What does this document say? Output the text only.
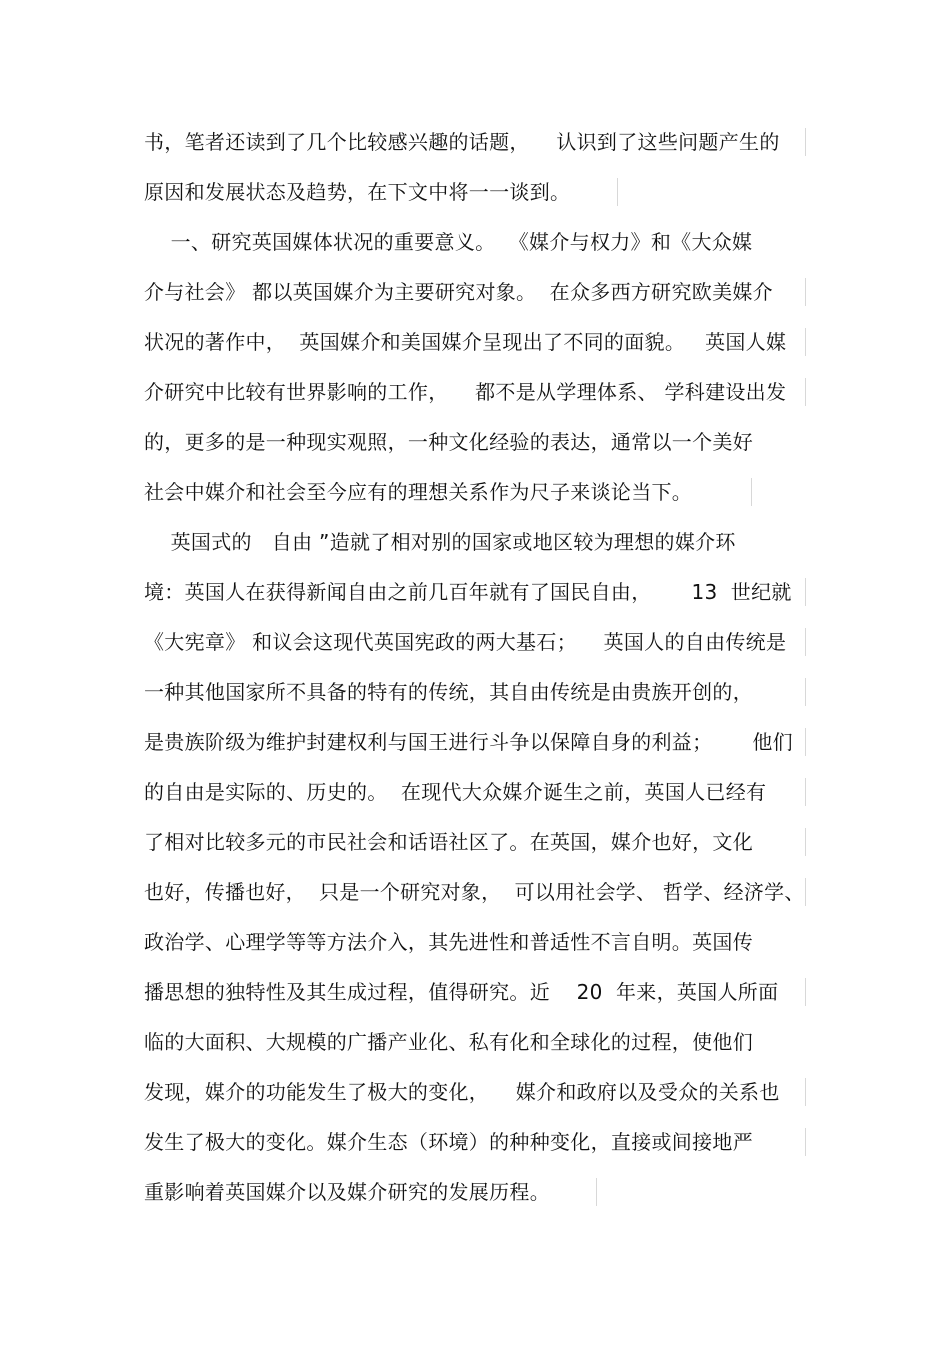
书，笔者还读到了几个比较感兴趣的话题，    认识到了这些问题产生的
原因和发展状态及趋势，在下文中将一一谈到。
一、研究英国媒体状况的重要意义。  《媒介与权力》和《大众媒
介与社会》 都以英国媒介为主要研究对象。  在众多西方研究欧美媒介
状况的著作中，  英国媒介和美国媒介呈现出了不同的面貌。   英国人媒
介研究中比较有世界影响的工作，    都不是从学理体系、 学科建设出发
的，更多的是一种现实观照，一种文化经验的表达，通常以一个美好
社会中媒介和社会至今应有的理想关系作为尺子来谈论当下。
英国式的   自由 ”造就了相对别的国家或地区较为理想的媒介环
境：英国人在获得新闻自由之前几百年就有了国民自由，      13  世纪就
《大宪章》 和议会这现代英国宪政的两大基石；    英国人的自由传统是
一种其他国家所不具备的特有的传统，其自由传统是由贵族开创的，
是贵族阶级为维护封建权利与国王进行斗争以保障自身的利益；      他们
的自由是实际的、历史的。  在现代大众媒介诞生之前，英国人已经有
了相对比较多元的市民社会和话语社区了。在英国，媒介也好，文化
也好，传播也好，  只是一个研究对象，  可以用社会学、 哲学、经济学、
政治学、心理学等等方法介入，其先进性和普适性不言自明。英国传
播思想的独特性及其生成过程，值得研究。近    20  年来，英国人所面
临的大面积、大规模的广播产业化、私有化和全球化的过程，使他们
发现，媒介的功能发生了极大的变化，    媒介和政府以及受众的关系也
发生了极大的变化。媒介生态（环境）的种种变化，直接或间接地严
重影响着英国媒介以及媒介研究的发展历程。
